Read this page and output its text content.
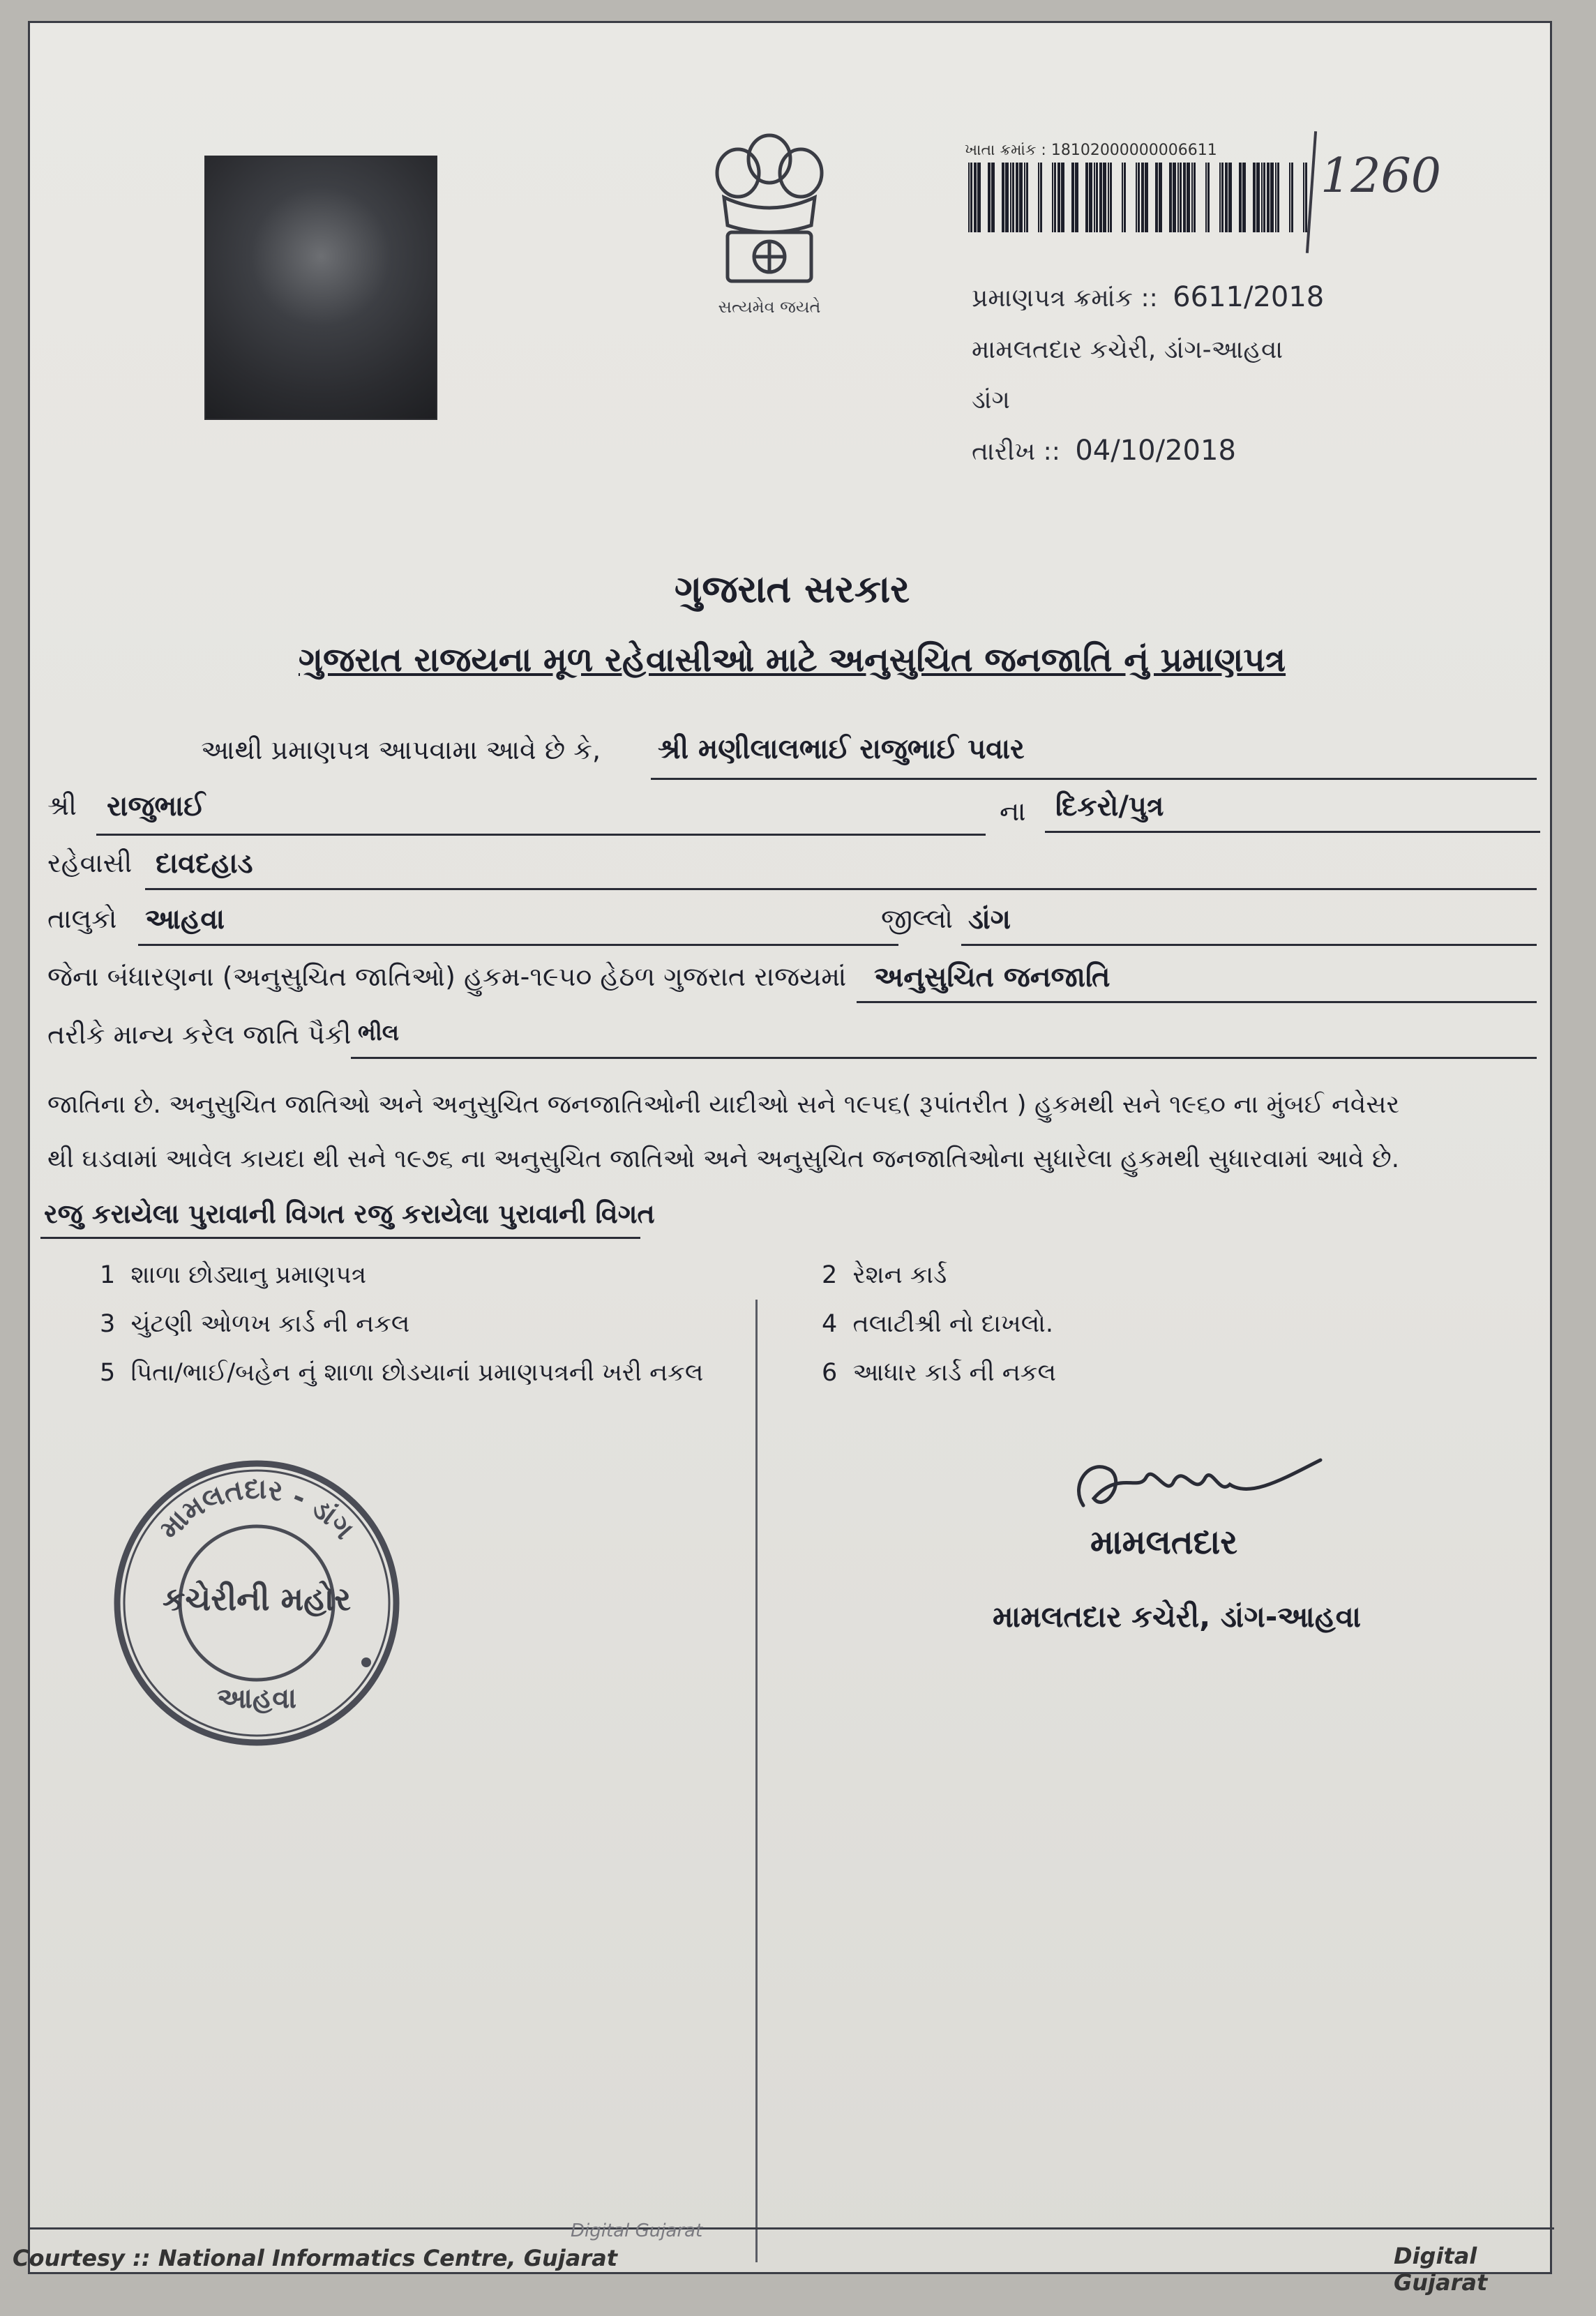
સત્યમેવ જયતે
ખાતા ક્રમાંક : 18102000000006611 1260
પ્રમાણપત્ર ક્રમાંક :: 6611/2018
મામલતદાર કચેરી, ડાંગ-આહવા
ડાંગ
તારીખ :: 04/10/2018
ગુજરાત સરકાર
ગુજરાત રાજયના મૂળ રહેવાસીઓ માટે અનુસુચિત જનજાતિ નું પ્રમાણપત્ર
આથી પ્રમાણપત્ર આપવામા આવે છે કે, શ્રી મણીલાલભાઈ રાજુભાઈ પવાર
શ્રી રાજુભાઈ	ના દિકરો/પુત્ર
રહેવાસી દાવદહાડ
તાલુકો આહવા	જીલ્લો ડાંગ
જેના બંધારણના (અનુસુચિત જાતિઓ) હુકમ-૧૯૫૦ હેઠળ ગુજરાત રાજયમાં અનુસુચિત જનજાતિ
તરીકે માન્ય કરેલ જાતિ પૈકી ભીલ
જાતિના છે. અનુસુચિત જાતિઓ અને અનુસુચિત જનજાતિઓની યાદીઓ સને ૧૯૫૬( રૂપાંતરીત ) હુકમથી સને ૧૯૬૦ ના મુંબઈ નવેસર
થી ઘડવામાં આવેલ કાયદા થી સને ૧૯૭૬ ના અનુસુચિત જાતિઓ અને અનુસુચિત જનજાતિઓના સુધારેલા હુકમથી સુધારવામાં આવે છે.
રજુ કરાયેલા પુરાવાની વિગત રજુ કરાયેલા પુરાવાની વિગત
1 શાળા છોડ્યાનુ પ્રમાણપત્ર	2 રેશન કાર્ડ
3 ચુંટણી ઓળખ કાર્ડ ની નકલ	4 તલાટીશ્રી નો દાખલો.
5 પિતા/ભાઈ/બહેન નું શાળા છોડયાનાં પ્રમાણપત્રની ખરી નકલ	6 આધાર કાર્ડ ની નકલ
મામલતદાર - ડાંગ
કચેરીની મહોર
આહવા
મામલતદાર
મામલતદાર કચેરી, ડાંગ-આહવા
Courtesy :: National Informatics Centre, Gujarat
Digital Gujarat
Digital Gujarat
